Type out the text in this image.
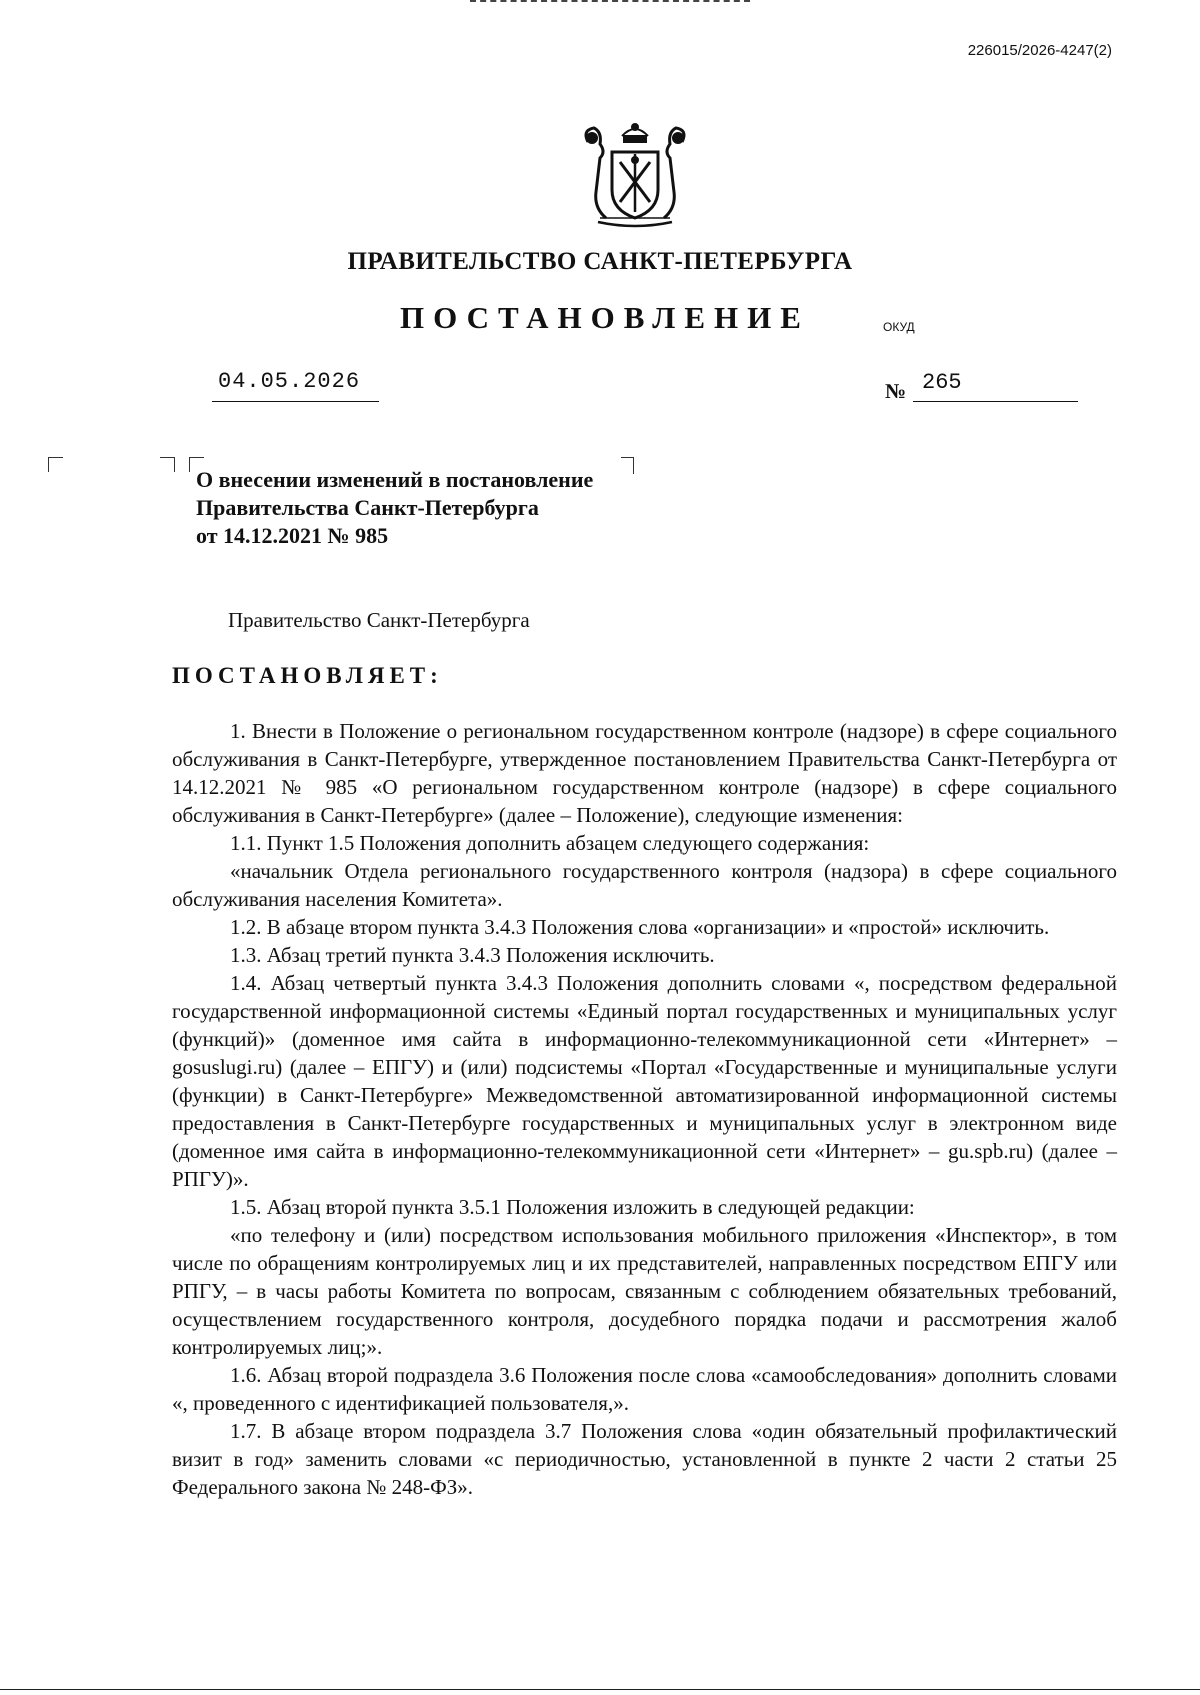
226015/2026-4247(2)
ПРАВИТЕЛЬСТВО САНКТ-ПЕТЕРБУРГА
ПОСТАНОВЛЕНИЕ	ОКУД
04.05.2026	№ 265
О внесении изменений в постановление
Правительства Санкт-Петербурга
от 14.12.2021 № 985
Правительство Санкт-Петербурга
ПОСТАНОВЛЯЕТ:

1. Внести в Положение о региональном государственном контроле (надзоре) в сфере социального обслуживания в Санкт-Петербурге, утвержденное постановлением Правительства Санкт-Петербурга от 14.12.2021 № 985 «О региональном государственном контроле (надзоре) в сфере социального обслуживания в Санкт-Петербурге» (далее – Положение), следующие изменения:

1.1. Пункт 1.5 Положения дополнить абзацем следующего содержания:

«начальник Отдела регионального государственного контроля (надзора) в сфере социального обслуживания населения Комитета».

1.2. В абзаце втором пункта 3.4.3 Положения слова «организации» и «простой» исключить.

1.3. Абзац третий пункта 3.4.3 Положения исключить.

1.4. Абзац четвертый пункта 3.4.3 Положения дополнить словами «, посредством федеральной государственной информационной системы «Единый портал государственных и муниципальных услуг (функций)» (доменное имя сайта в информационно-телекоммуникационной сети «Интернет» – gosuslugi.ru) (далее – ЕПГУ) и (или) подсистемы «Портал «Государственные и муниципальные услуги (функции) в Санкт-Петербурге» Межведомственной автоматизированной информационной системы предоставления в Санкт-Петербурге государственных и муниципальных услуг в электронном виде (доменное имя сайта в информационно-телекоммуникационной сети «Интернет» – gu.spb.ru) (далее – РПГУ)».

1.5. Абзац второй пункта 3.5.1 Положения изложить в следующей редакции:

«по телефону и (или) посредством использования мобильного приложения «Инспектор», в том числе по обращениям контролируемых лиц и их представителей, направленных посредством ЕПГУ или РПГУ, – в часы работы Комитета по вопросам, связанным с соблюдением обязательных требований, осуществлением государственного контроля, досудебного порядка подачи и рассмотрения жалоб контролируемых лиц;».

1.6. Абзац второй подраздела 3.6 Положения после слова «самообследования» дополнить словами «, проведенного с идентификацией пользователя,».

1.7. В абзаце втором подраздела 3.7 Положения слова «один обязательный профилактический визит в год» заменить словами «с периодичностью, установленной в пункте 2 части 2 статьи 25 Федерального закона № 248-ФЗ».
